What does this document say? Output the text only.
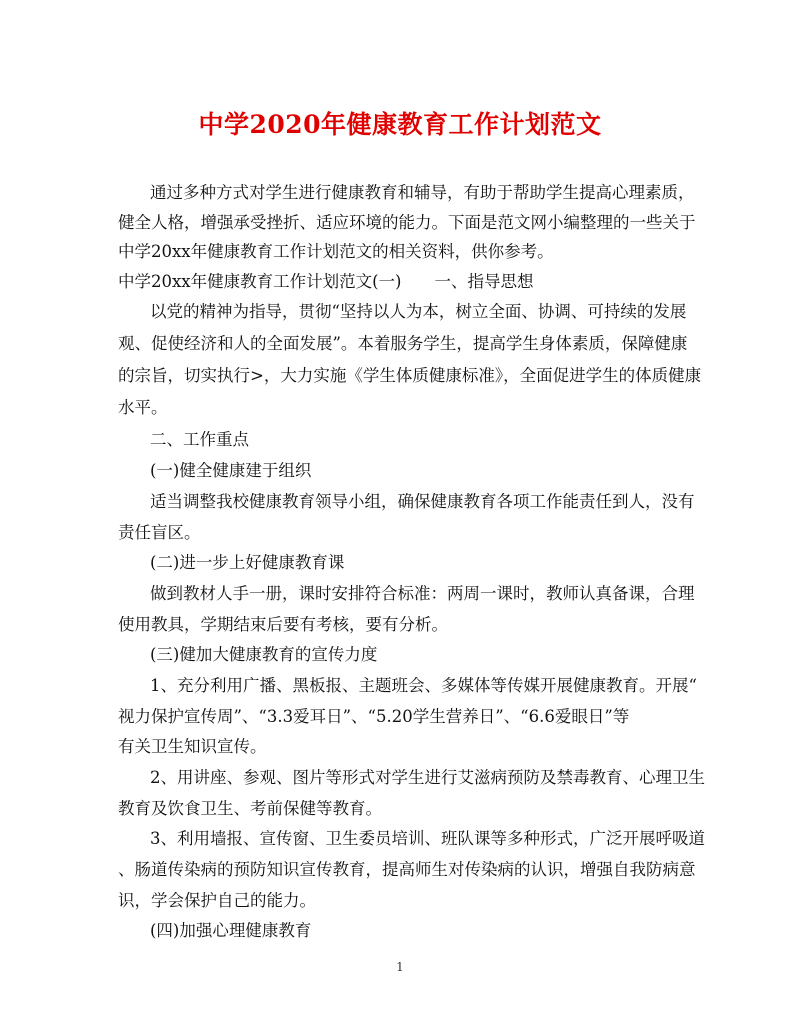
中学2020年健康教育工作计划范文
通过多种方式对学生进行健康教育和辅导，有助于帮助学生提高心理素质，
健全人格，增强承受挫折、适应环境的能力。下面是范文网小编整理的一些关于
中学20xx年健康教育工作计划范文的相关资料，供你参考。
中学20xx年健康教育工作计划范文(一)　　一、指导思想
以党的精神为指导，贯彻“坚持以人为本，树立全面、协调、可持续的发展
观、促使经济和人的全面发展”。本着服务学生，提高学生身体素质，保障健康
的宗旨，切实执行>，大力实施《学生体质健康标准》，全面促进学生的体质健康
水平。
二、工作重点
(一)健全健康建于组织
适当调整我校健康教育领导小组，确保健康教育各项工作能责任到人，没有
责任盲区。
(二)进一步上好健康教育课
做到教材人手一册，课时安排符合标准：两周一课时，教师认真备课，合理
使用教具，学期结束后要有考核，要有分析。
(三)健加大健康教育的宣传力度
1、充分利用广播、黑板报、主题班会、多媒体等传媒开展健康教育。开展“
视力保护宣传周”、“3.3爱耳日”、“5.20学生营养日”、“6.6爱眼日”等
有关卫生知识宣传。
2、用讲座、参观、图片等形式对学生进行艾滋病预防及禁毒教育、心理卫生
教育及饮食卫生、考前保健等教育。
3、利用墙报、宣传窗、卫生委员培训、班队课等多种形式，广泛开展呼吸道
、肠道传染病的预防知识宣传教育，提高师生对传染病的认识，增强自我防病意
识，学会保护自己的能力。
(四)加强心理健康教育
1
